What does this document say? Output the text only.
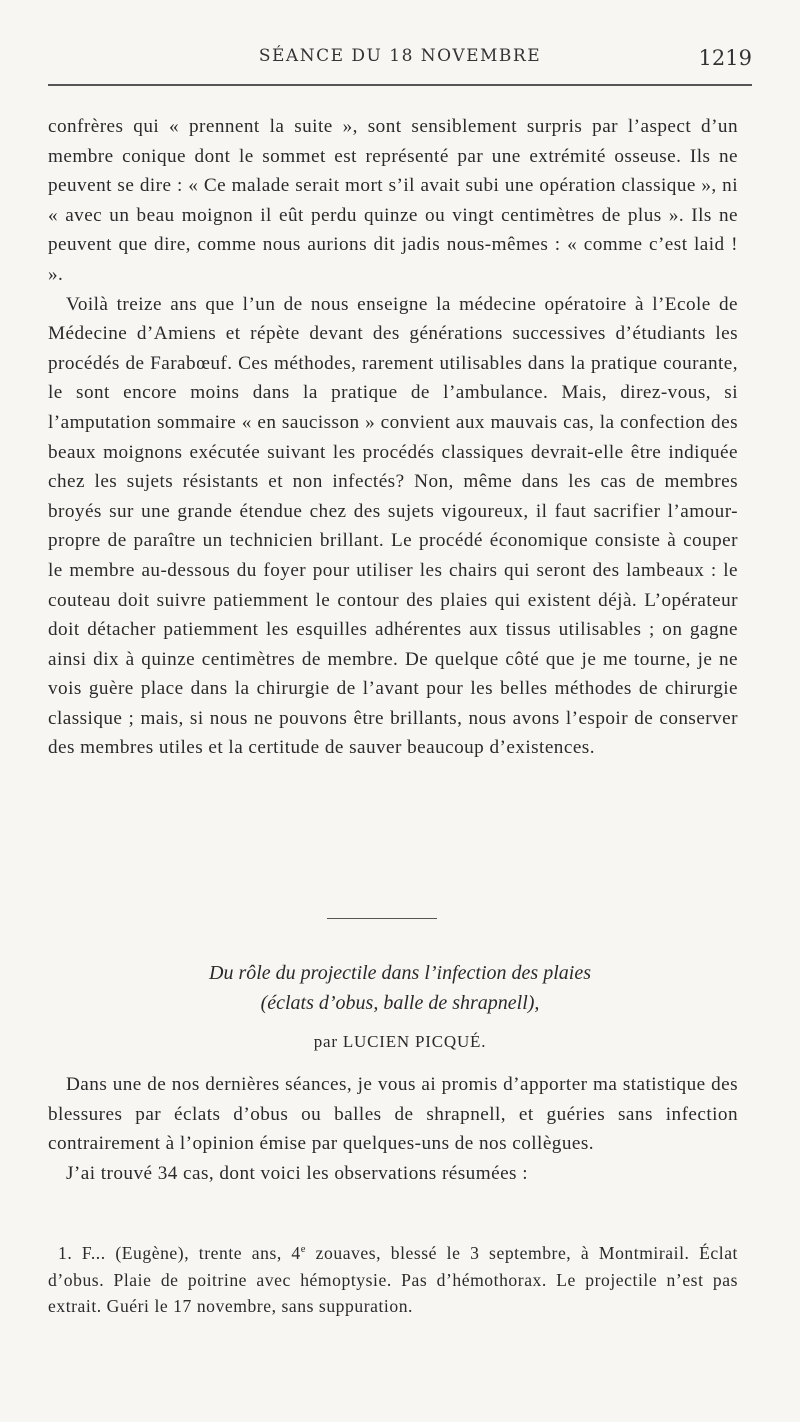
SÉANCE DU 18 NOVEMBRE	1219

confrères qui « prennent la suite », sont sensiblement surpris par l’aspect d’un membre conique dont le sommet est représenté par une extrémité osseuse. Ils ne peuvent se dire : « Ce malade serait mort s’il avait subi une opération classique », ni « avec un beau moignon il eût perdu quinze ou vingt centimètres de plus ». Ils ne peuvent que dire, comme nous aurions dit jadis nous-mêmes : « comme c’est laid ! ».

Voilà treize ans que l’un de nous enseigne la médecine opératoire à l’Ecole de Médecine d’Amiens et répète devant des générations successives d’étudiants les procédés de Farabœuf. Ces méthodes, rarement utilisables dans la pratique courante, le sont encore moins dans la pratique de l’ambulance. Mais, direz-vous, si l’amputation sommaire « en saucisson » convient aux mauvais cas, la confection des beaux moignons exécutée suivant les procédés classiques devrait-elle être indiquée chez les sujets résistants et non infectés? Non, même dans les cas de membres broyés sur une grande étendue chez des sujets vigoureux, il faut sacrifier l’amour-propre de paraître un technicien brillant. Le procédé économique consiste à couper le membre au-dessous du foyer pour utiliser les chairs qui seront des lambeaux : le couteau doit suivre patiemment le contour des plaies qui existent déjà. L’opérateur doit détacher patiemment les esquilles adhérentes aux tissus utilisables ; on gagne ainsi dix à quinze centimètres de membre. De quelque côté que je me tourne, je ne vois guère place dans la chirurgie de l’avant pour les belles méthodes de chirurgie classique ; mais, si nous ne pouvons être brillants, nous avons l’espoir de conserver des membres utiles et la certitude de sauver beaucoup d’existences.

Du rôle du projectile dans l’infection des plaies
(éclats d’obus, balle de shrapnell),
par LUCIEN PICQUÉ.

Dans une de nos dernières séances, je vous ai promis d’apporter ma statistique des blessures par éclats d’obus ou balles de shrapnell, et guéries sans infection contrairement à l’opinion émise par quelques-uns de nos collègues.

J’ai trouvé 34 cas, dont voici les observations résumées :

1. F... (Eugène), trente ans, 4e zouaves, blessé le 3 septembre, à Montmirail. Éclat d’obus. Plaie de poitrine avec hémoptysie. Pas d’hémothorax. Le projectile n’est pas extrait. Guéri le 17 novembre, sans suppuration.
